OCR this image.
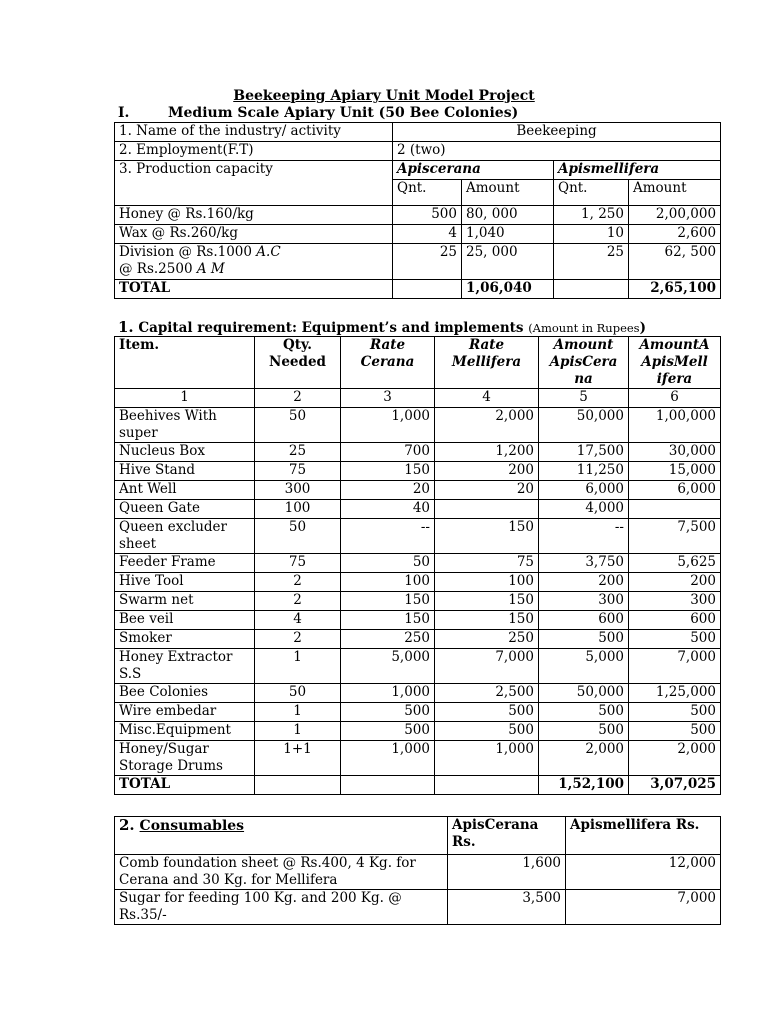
Beekeeping Apiary Unit Model Project
I.	Medium Scale Apiary Unit (50 Bee Colonies)
1. Name of the industry/ activity	Beekeeping			
2. Employment(F.T)	2 (two)			
3. Production capacity	Apiscerana		Apismellifera	
	Qnt.	Amount	Qnt.	Amount
Honey @ Rs.160/kg	500	80, 000	1, 250	2,00,000
Wax @ Rs.260/kg	4	1,040	10	2,600
Division @ Rs.1000 A.C
@ Rs.2500 A M	25	25, 000	25	62, 500
TOTAL		1,06,040		2,65,100
1. Capital requirement: Equipment’s and implements (Amount in Rupees)
Item.	Qty. Needed	Rate Cerana	Rate Mellifera	Amount ApisCera na	AmountA ApisMell ifera
1	2	3	4	5	6
Beehives With super	50	1,000	2,000	50,000	1,00,000
Nucleus Box	25	700	1,200	17,500	30,000
Hive Stand	75	150	200	11,250	15,000
Ant Well	300	20	20	6,000	6,000
Queen Gate	100	40		4,000	
Queen excluder sheet	50	--	150	--	7,500
Feeder Frame	75	50	75	3,750	5,625
Hive Tool	2	100	100	200	200
Swarm net	2	150	150	300	300
Bee veil	4	150	150	600	600
Smoker	2	250	250	500	500
Honey Extractor S.S	1	5,000	7,000	5,000	7,000
Bee Colonies	50	1,000	2,500	50,000	1,25,000
Wire embedar	1	500	500	500	500
Misc.Equipment	1	500	500	500	500
Honey/Sugar Storage Drums	1+1	1,000	1,000	2,000	2,000
TOTAL				1,52,100	3,07,025
2. Consumables	ApisCerana Rs.	Apismellifera Rs.
Comb foundation sheet @ Rs.400, 4 Kg. for Cerana and 30 Kg. for Mellifera	1,600	12,000
Sugar for feeding 100 Kg. and 200 Kg. @ Rs.35/-	3,500	7,000
